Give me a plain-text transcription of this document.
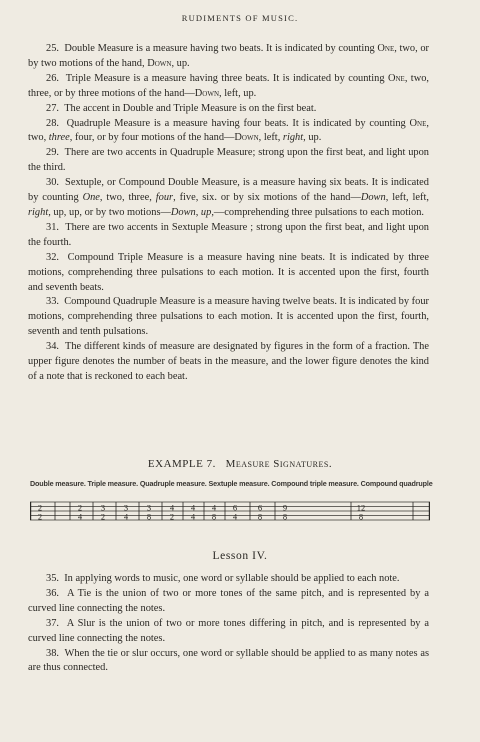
RUDIMENTS OF MUSIC.

25.  Double Measure is a measure having two beats. It is indicated by counting One, two, or by two motions of the hand, Down, up.

26.  Triple Measure is a measure having three beats. It is indicated by counting One, two, three, or by three motions of the hand—Down, left, up.

27.  The accent in Double and Triple Measure is on the first beat.

28.  Quadruple Measure is a measure having four beats. It is indicated by counting One, two, three, four, or by four motions of the hand—Down, left, right, up.

29.  There are two accents in Quadruple Measure; strong upon the first beat, and light upon the third.

30.  Sextuple, or Compound Double Measure, is a measure having six beats. It is indicated by counting One, two, three, four, five, six. or by six motions of the hand—Down, left, left, right, up, up, or by two motions—Down, up,—comprehending three pulsations to each motion.

31.  There are two accents in Sextuple Measure ; strong upon the first beat, and light upon the fourth.

32.  Compound Triple Measure is a measure having nine beats. It is indicated by three motions, comprehending three pulsations to each motion. It is accented upon the first, fourth and seventh beats.

33.  Compound Quadruple Measure is a measure having twelve beats. It is indicated by four motions, comprehending three pulsations to each motion. It is accented upon the first, fourth, seventh and tenth pulsations.

34.  The different kinds of measure are designated by figures in the form of a fraction. The upper figure denotes the number of beats in the measure, and the lower figure denotes the kind of a note that is reckoned to each beat.

EXAMPLE 7. Measure Signatures.
Double measure. Triple measure. Quadruple measure. Sextuple measure. Compound triple measure. Compound quadruple
2
2
2
4
3
2
3
4
3
8
4
2
4
4
4
8
6
4
6
8
9
8
12
8
Lesson IV.

35.  In applying words to music, one word or syllable should be applied to each note.

36.  A Tie is the union of two or more tones of the same pitch, and is represented by a curved line connecting the notes.

37.  A Slur is the union of two or more tones differing in pitch, and is represented by a curved line connecting the notes.

38.  When the tie or slur occurs, one word or syllable should be applied to as many notes as are thus connected.
